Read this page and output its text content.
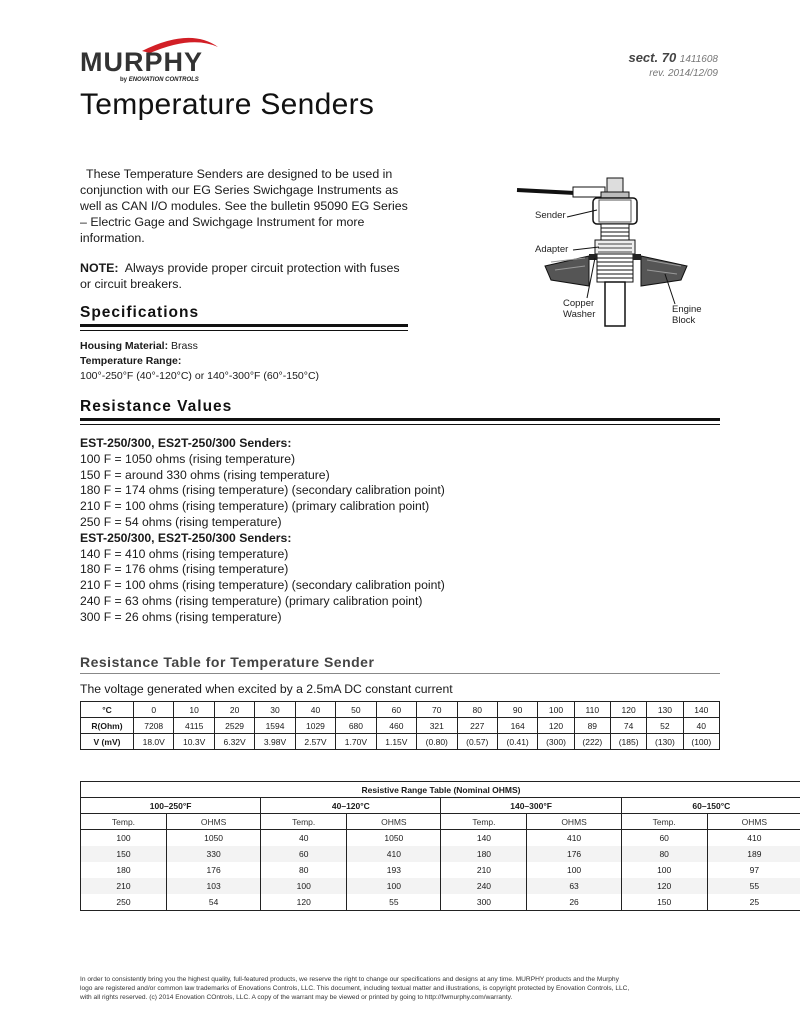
MURPHY
by ENOVATION CONTROLS
sect. 70 1411608
rev. 2014/12/09
Temperature Senders
These Temperature Senders are designed to be used in conjunction with our EG Series Swichgage Instruments as well as CAN I/O modules. See the bulletin 95090 EG Series – Electric Gage and Swichgage Instrument for more information.
NOTE: Always provide proper circuit protection with fuses or circuit breakers.
Sender
Adapter
Copper
Washer	Engine
Block
Specifications
Housing Material: Brass
Temperature Range:
100°-250°F (40°-120°C) or 140°-300°F (60°-150°C)
Resistance Values
EST-250/300, ES2T-250/300 Senders:
100 F = 1050 ohms (rising temperature)
150 F = around 330 ohms (rising temperature)
180 F = 174 ohms (rising temperature) (secondary calibration point)
210 F = 100 ohms (rising temperature) (primary calibration point)
250 F = 54 ohms (rising temperature)
EST-250/300, ES2T-250/300 Senders:
140 F = 410 ohms (rising temperature)
180 F = 176 ohms (rising temperature)
210 F = 100 ohms (rising temperature) (secondary calibration point)
240 F = 63 ohms (rising temperature) (primary calibration point)
300 F = 26 ohms (rising temperature)
Resistance Table for Temperature Sender
The voltage generated when excited by a 2.5mA DC constant current
°C	0	10	20	30	40	50	60	70	80	90	100	110	120	130	140
R(Ohm)	7208	4115	2529	1594	1029	680	460	321	227	164	120	89	74	52	40
V (mV)	18.0V	10.3V	6.32V	3.98V	2.57V	1.70V	1.15V	(0.80)	(0.57)	(0.41)	(300)	(222)	(185)	(130)	(100)
Resistive Range Table (Nominal OHMS)							
100–250°F		40–120°C		140–300°F		60–150°C	
Temp.	OHMS	Temp.	OHMS	Temp.	OHMS	Temp.	OHMS
100	1050	40	1050	140	410	60	410
150	330	60	410	180	176	80	189
180	176	80	193	210	100	100	97
210	103	100	100	240	63	120	55
250	54	120	55	300	26	150	25
In order to consistently bring you the highest quality, full-featured products, we reserve the right to change our specifications and designs at any time. MURPHY products and the Murphy
logo are registered and/or common law trademarks of Enovations Controls, LLC. This document, including textual matter and illustrations, is copyright protected by Enovation Controls, LLC,
with all rights reserved. (c) 2014 Enovation COntrols, LLC. A copy of the warrant may be viewed or printed by going to http://fwmurphy.com/warranty.
